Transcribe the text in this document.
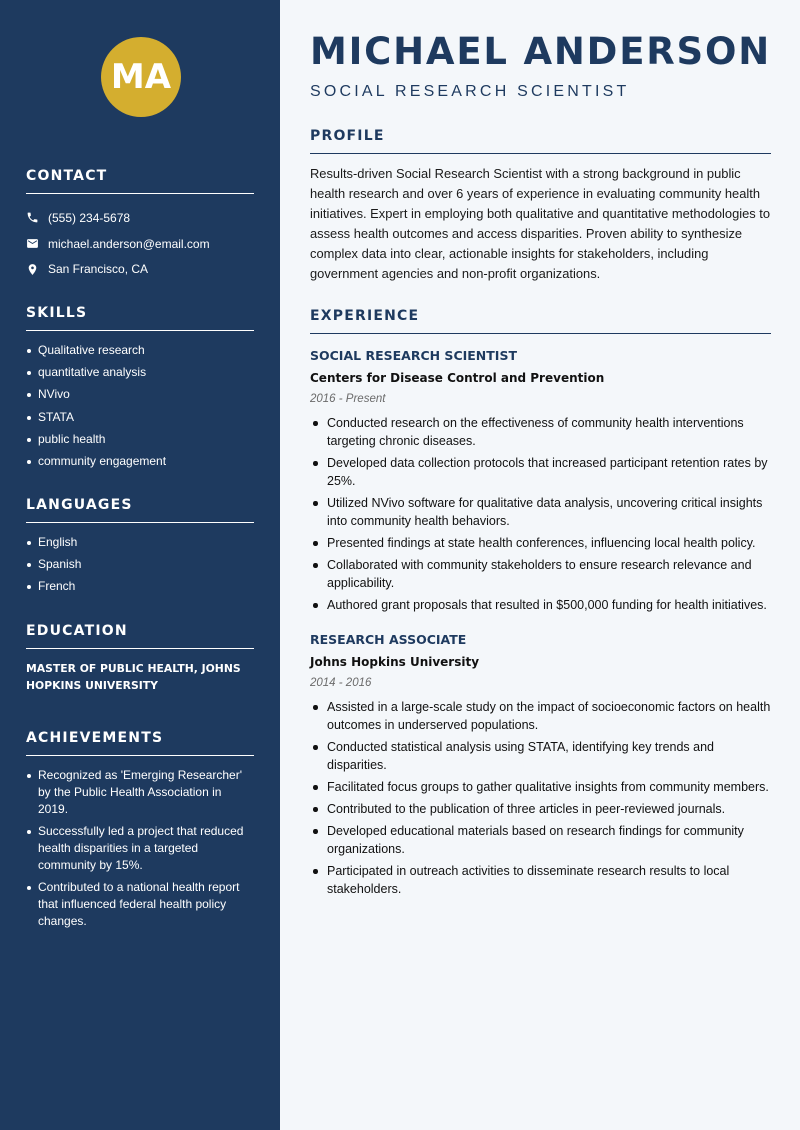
MA
CONTACT
(555) 234-5678
michael.anderson@email.com
San Francisco, CA
SKILLS
Qualitative research
quantitative analysis
NVivo
STATA
public health
community engagement
LANGUAGES
English
Spanish
French
EDUCATION
MASTER OF PUBLIC HEALTH, JOHNS HOPKINS UNIVERSITY
ACHIEVEMENTS
Recognized as 'Emerging Researcher' by the Public Health Association in 2019.
Successfully led a project that reduced health disparities in a targeted community by 15%.
Contributed to a national health report that influenced federal health policy changes.
MICHAEL ANDERSON
SOCIAL RESEARCH SCIENTIST
PROFILE

Results-driven Social Research Scientist with a strong background in public health research and over 6 years of experience in evaluating community health initiatives. Expert in employing both qualitative and quantitative methodologies to assess health outcomes and access disparities. Proven ability to synthesize complex data into clear, actionable insights for stakeholders, including government agencies and non-profit organizations.

EXPERIENCE
SOCIAL RESEARCH SCIENTIST
Centers for Disease Control and Prevention
2016 - Present
Conducted research on the effectiveness of community health interventions targeting chronic diseases.
Developed data collection protocols that increased participant retention rates by 25%.
Utilized NVivo software for qualitative data analysis, uncovering critical insights into community health behaviors.
Presented findings at state health conferences, influencing local health policy.
Collaborated with community stakeholders to ensure research relevance and applicability.
Authored grant proposals that resulted in $500,000 funding for health initiatives.
RESEARCH ASSOCIATE
Johns Hopkins University
2014 - 2016
Assisted in a large-scale study on the impact of socioeconomic factors on health outcomes in underserved populations.
Conducted statistical analysis using STATA, identifying key trends and disparities.
Facilitated focus groups to gather qualitative insights from community members.
Contributed to the publication of three articles in peer-reviewed journals.
Developed educational materials based on research findings for community organizations.
Participated in outreach activities to disseminate research results to local stakeholders.
